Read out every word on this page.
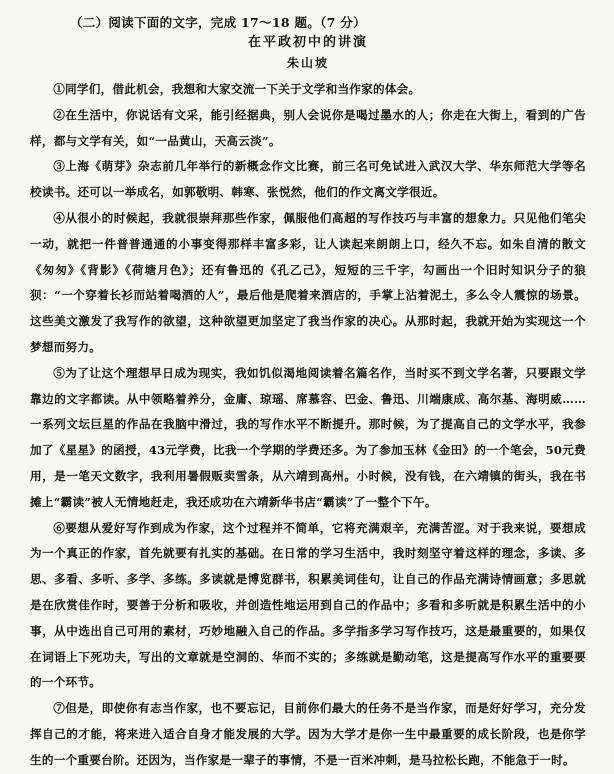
（二）阅读下面的文字，完成 17～18 题。（7 分）
在平政初中的讲演
朱山坡

①同学们，借此机会，我想和大家交流一下关于文学和当作家的体会。

②在生活中，你说话有文采，能引经据典，别人会说你是喝过墨水的人；你走在大街上，看到的广告样，都与文学有关，如“一品黄山，天高云淡”。

③上海《萌芽》杂志前几年举行的新概念作文比赛，前三名可免试进入武汉大学、华东师范大学等名校读书。还可以一举成名，如郭敬明、韩寒、张悦然，他们的作文离文学很近。

④从很小的时候起，我就很崇拜那些作家，佩服他们高超的写作技巧与丰富的想象力。只见他们笔尖一动，就把一件普普通通的小事变得那样丰富多彩，让人读起来朗朗上口，经久不忘。如朱自清的散文《匆匆》《背影》《荷塘月色》；还有鲁迅的《孔乙己》，短短的三千字，勾画出一个旧时知识分子的狼狈：“一个穿着长衫而站着喝酒的人”，最后他是爬着来酒店的，手掌上沾着泥土，多么令人震惊的场景。这些美文激发了我写作的欲望，这种欲望更加坚定了我当作家的决心。从那时起，我就开始为实现这一个梦想而努力。

⑤为了让这个理想早日成为现实，我如饥似渴地阅读着名篇名作，当时买不到文学名著，只要跟文学靠边的文字都读。从中领略着养分，金庸、琼瑶、席慕容、巴金、鲁迅、川端康成、高尔基、海明威……一系列文坛巨星的作品在我脑中滑过，我的写作水平不断提升。那时候，为了提高自己的文学水平，我参加了《星星》的函授，43元学费，比我一个学期的学费还多。为了参加玉林《金田》的一个笔会，50元费用，是一笔天文数字，我利用暑假贩卖雪条，从六靖到高州。小时候，没有钱，在六靖镇的街头，我在书摊上“霸读”被人无情地赶走，我还成功在六靖新华书店“霸读”了一整个下午。

⑥要想从爱好写作到成为作家，这个过程并不简单，它将充满艰辛，充满苦涩。对于我来说，要想成为一个真正的作家，首先就要有扎实的基础。在日常的学习生活中，我时刻坚守着这样的理念，多读、多思、多看、多听、多学、多练。多读就是博览群书，积累美词佳句，让自己的作品充满诗情画意；多思就是在欣赏佳作时，要善于分析和吸收，并创造性地运用到自己的作品中；多看和多听就是积累生活中的小事，从中选出自己可用的素材，巧妙地融入自己的作品。多学指多学习写作技巧，这是最重要的，如果仅在词语上下死功夫，写出的文章就是空洞的、华而不实的；多练就是勤动笔，这是提高写作水平的重要要的一个环节。

⑦但是，即使你有志当作家，也不要忘记，目前你们最大的任务不是当作家，而是好好学习，充分发挥自己的才能，将来进入适合自身才能发展的大学。因为大学才是你一生中最重要的成长阶段，也是你学生的一个重要台阶。还因为，当作家是一辈子的事情，不是一百米冲刺，是马拉松长跑，不能急于一时。
